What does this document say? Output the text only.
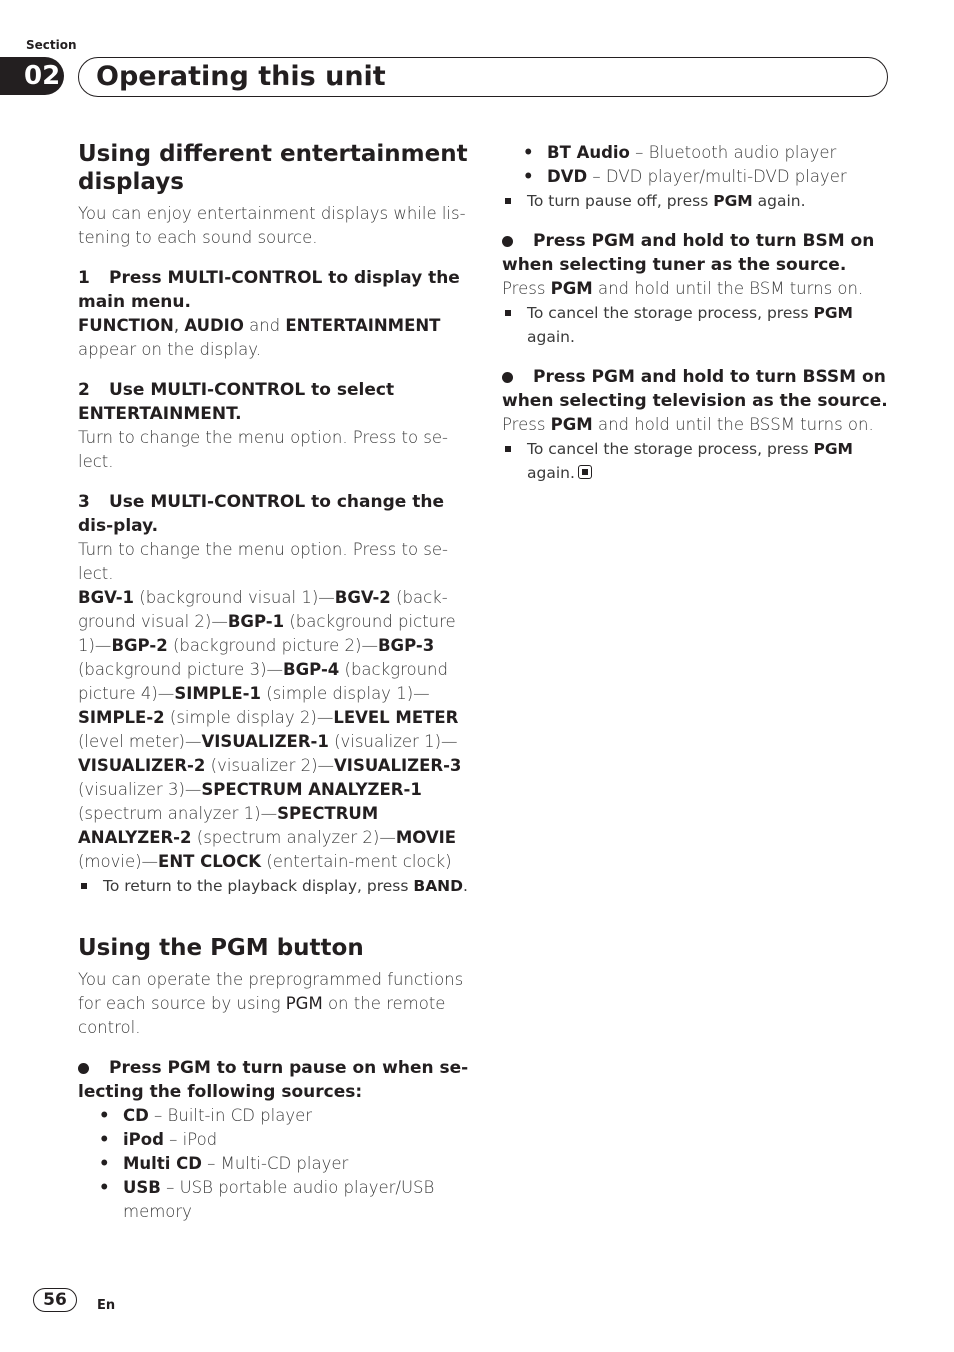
Section
02 Operating this unit
Using different entertainment displays

You can enjoy entertainment displays while lis-tening to each sound source.

1 Press MULTI-CONTROL to display the main menu.

FUNCTION, AUDIO and ENTERTAINMENT

appear on the display.

2 Use MULTI-CONTROL to select ENTERTAINMENT.

Turn to change the menu option. Press to se-lect.

3 Use MULTI-CONTROL to change the dis-play.

Turn to change the menu option. Press to se-lect.

BGV-1 (background visual 1)—BGV-2 (back-ground visual 2)—BGP-1 (background picture 1)—BGP-2 (background picture 2)—BGP-3 (background picture 3)—BGP-4 (background picture 4)—SIMPLE-1 (simple display 1)—SIMPLE-2 (simple display 2)—LEVEL METER (level meter)—VISUALIZER-1 (visualizer 1)—VISUALIZER-2 (visualizer 2)—VISUALIZER-3 (visualizer 3)—SPECTRUM ANALYZER-1 (spectrum analyzer 1)—SPECTRUM ANALYZER-2 (spectrum analyzer 2)—MOVIE (movie)—ENT CLOCK (entertain-ment clock)

To return to the playback display, press BAND.
Using the PGM button

You can operate the preprogrammed functions for each source by using PGM on the remote control.

Press PGM to turn pause on when se-lecting the following sources:
• CD – Built-in CD player
• iPod – iPod
• Multi CD – Multi-CD player
• USB – USB portable audio player/USB memory
• BT Audio – Bluetooth audio player
• DVD – DVD player/multi-DVD player
To turn pause off, press PGM again.
Press PGM and hold to turn BSM on when selecting tuner as the source.

Press PGM and hold until the BSM turns on.

To cancel the storage process, press PGM again.
Press PGM and hold to turn BSSM on when selecting television as the source.

Press PGM and hold until the BSSM turns on.

To cancel the storage process, press PGM again.
56	En
